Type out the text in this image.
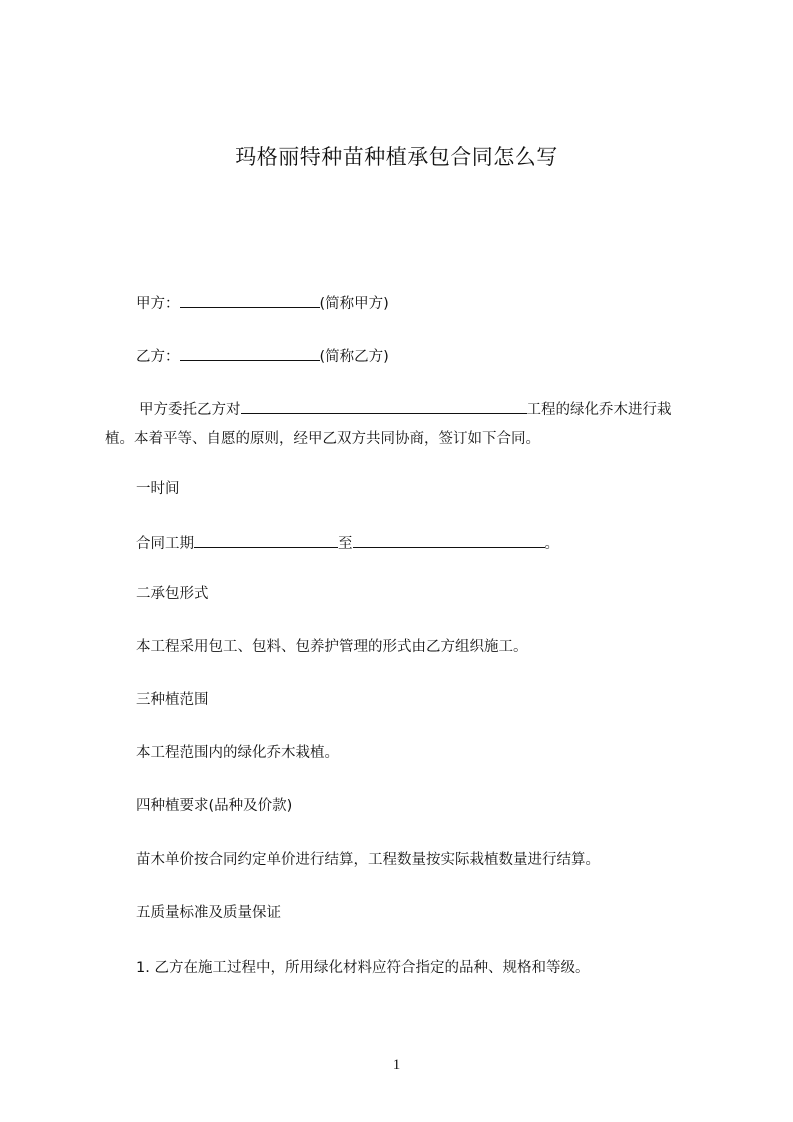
玛格丽特种苗种植承包合同怎么写
甲方：	(简称甲方)
乙方：	(简称乙方)
甲方委托乙方对	工程的绿化乔木进行栽
植。本着平等、自愿的原则，经甲乙双方共同协商，签订如下合同。
一时间
合同工期	至	。
二承包形式
本工程采用包工、包料、包养护管理的形式由乙方组织施工。
三种植范围
本工程范围内的绿化乔木栽植。
四种植要求(品种及价款)
苗木单价按合同约定单价进行结算，工程数量按实际栽植数量进行结算。
五质量标准及质量保证
1. 乙方在施工过程中，所用绿化材料应符合指定的品种、规格和等级。
1
